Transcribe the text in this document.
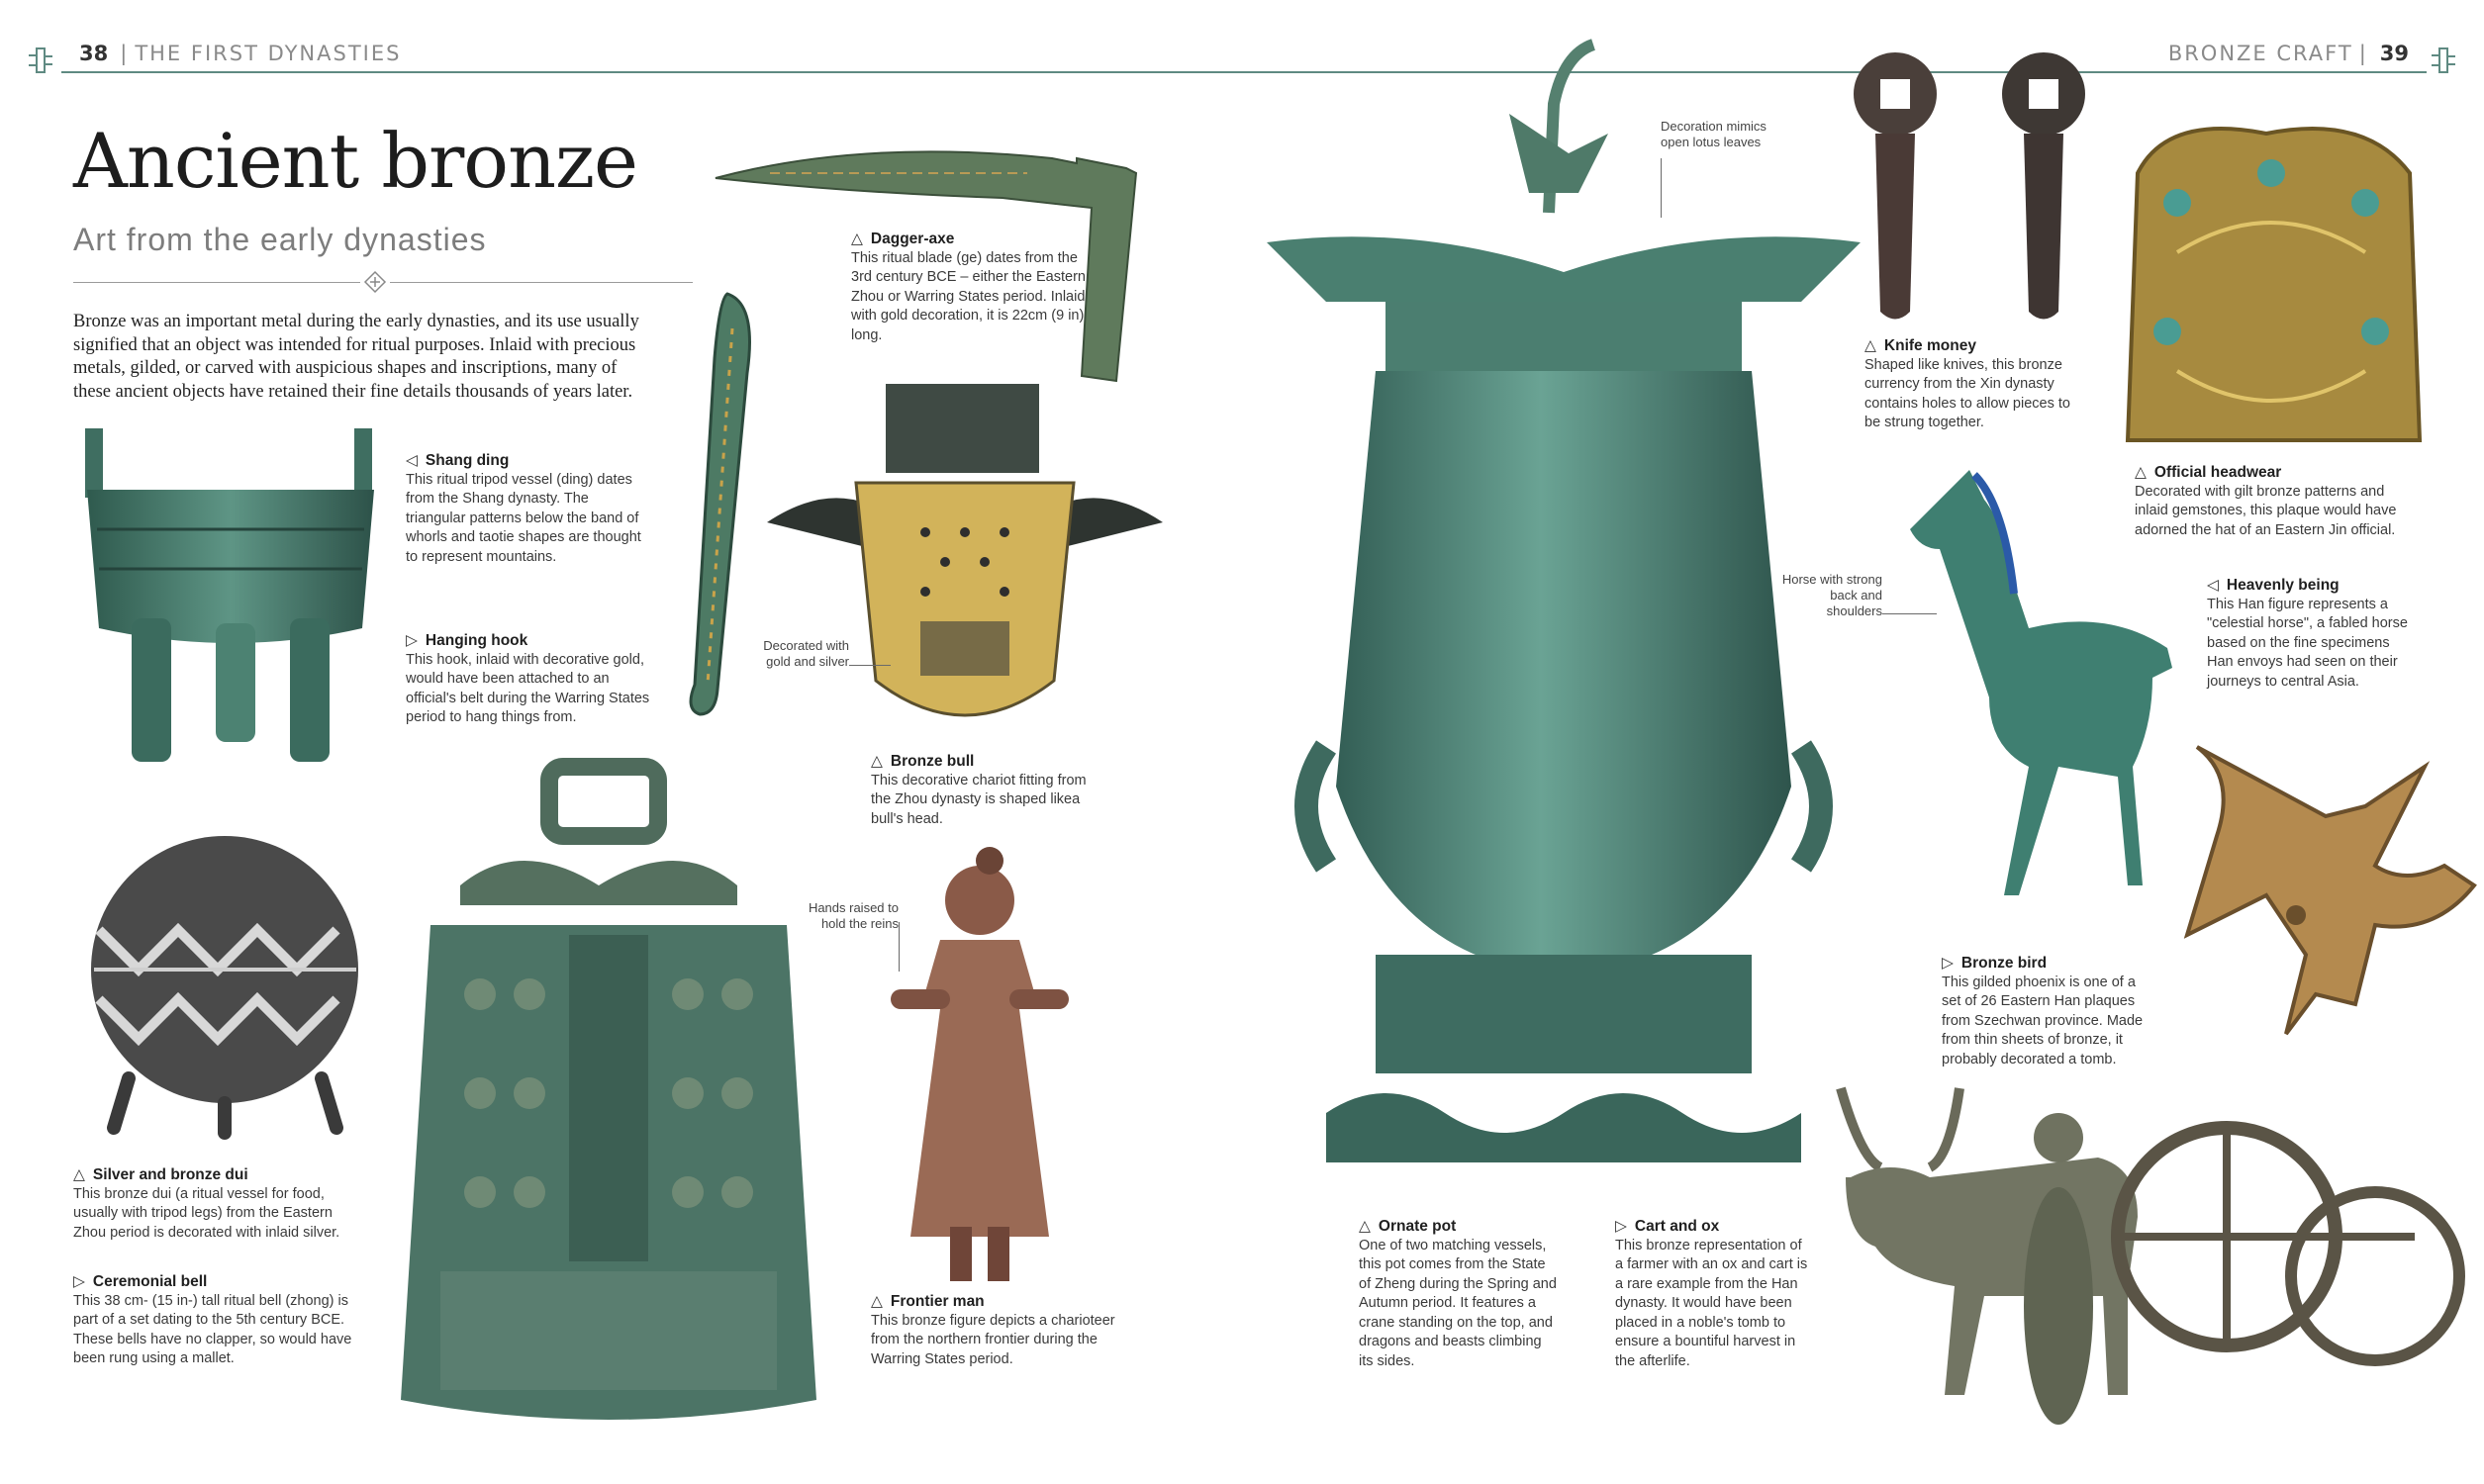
38 | THE FIRST DYNASTIES	BRONZE CRAFT | 39
Ancient bronze
Art from the early dynasties
Bronze was an important metal during the early dynasties, and its use usually signified that an object was intended for ritual purposes. Inlaid with precious metals, gilded, or carved with auspicious shapes and inscriptions, many of these ancient objects have retained their fine details thousands of years later.
Decoration mimics open lotus leaves
Decorated with gold and silver
Hands raised to hold the reins
Horse with strong back and shoulders
◁ Shang ding
This ritual tripod vessel (ding) dates from the Shang dynasty. The triangular patterns below the band of whorls and taotie shapes are thought to represent mountains.
▷ Hanging hook
This hook, inlaid with decorative gold, would have been attached to an official's belt during the Warring States period to hang things from.
△ Dagger-axe
This ritual blade (ge) dates from the 3rd century BCE – either the Eastern Zhou or Warring States period. Inlaid with gold decoration, it is 22cm (9 in) long.
△ Bronze bull
This decorative chariot fitting from the Zhou dynasty is shaped likea bull's head.
△ Silver and bronze dui
This bronze dui (a ritual vessel for food, usually with tripod legs) from the Eastern Zhou period is decorated with inlaid silver.
▷ Ceremonial bell
This 38 cm- (15 in-) tall ritual bell (zhong) is part of a set dating to the 5th century BCE. These bells have no clapper, so would have been rung using a mallet.
△ Frontier man
This bronze figure depicts a charioteer from the northern frontier during the Warring States period.
△ Ornate pot
One of two matching vessels, this pot comes from the State of Zheng during the Spring and Autumn period. It features a crane standing on the top, and dragons and beasts climbing its sides.
▷ Cart and ox
This bronze representation of a farmer with an ox and cart is a rare example from the Han dynasty. It would have been placed in a noble's tomb to ensure a bountiful harvest in the afterlife.
△ Knife money
Shaped like knives, this bronze currency from the Xin dynasty contains holes to allow pieces to be strung together.
△ Official headwear
Decorated with gilt bronze patterns and inlaid gemstones, this plaque would have adorned the hat of an Eastern Jin official.
◁ Heavenly being
This Han figure represents a "celestial horse", a fabled horse based on the fine specimens Han envoys had seen on their journeys to central Asia.
▷ Bronze bird
This gilded phoenix is one of a set of 26 Eastern Han plaques from Szechwan province. Made from thin sheets of bronze, it probably decorated a tomb.
